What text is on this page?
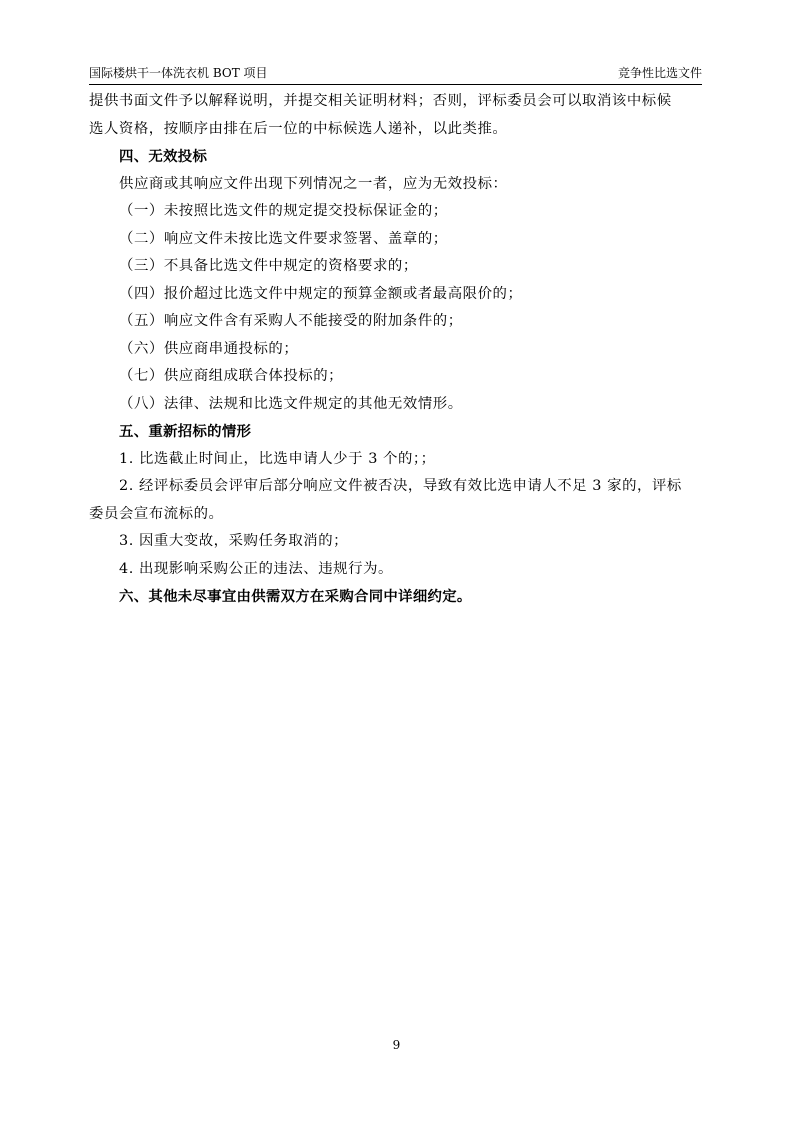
国际楼烘干一体洗衣机 BOT 项目	竞争性比选文件
提供书面文件予以解释说明，并提交相关证明材料；否则，评标委员会可以取消该中标候
选人资格，按顺序由排在后一位的中标候选人递补，以此类推。
四、无效投标
供应商或其响应文件出现下列情况之一者，应为无效投标：
（一）未按照比选文件的规定提交投标保证金的；
（二）响应文件未按比选文件要求签署、盖章的；
（三）不具备比选文件中规定的资格要求的；
（四）报价超过比选文件中规定的预算金额或者最高限价的；
（五）响应文件含有采购人不能接受的附加条件的；
（六）供应商串通投标的；
（七）供应商组成联合体投标的；
（八）法律、法规和比选文件规定的其他无效情形。
五、重新招标的情形
1. 比选截止时间止，比选申请人少于 3 个的；；
2. 经评标委员会评审后部分响应文件被否决，导致有效比选申请人不足 3 家的，评标
委员会宣布流标的。
3. 因重大变故，采购任务取消的；
4. 出现影响采购公正的违法、违规行为。
六、其他未尽事宜由供需双方在采购合同中详细约定。
9
